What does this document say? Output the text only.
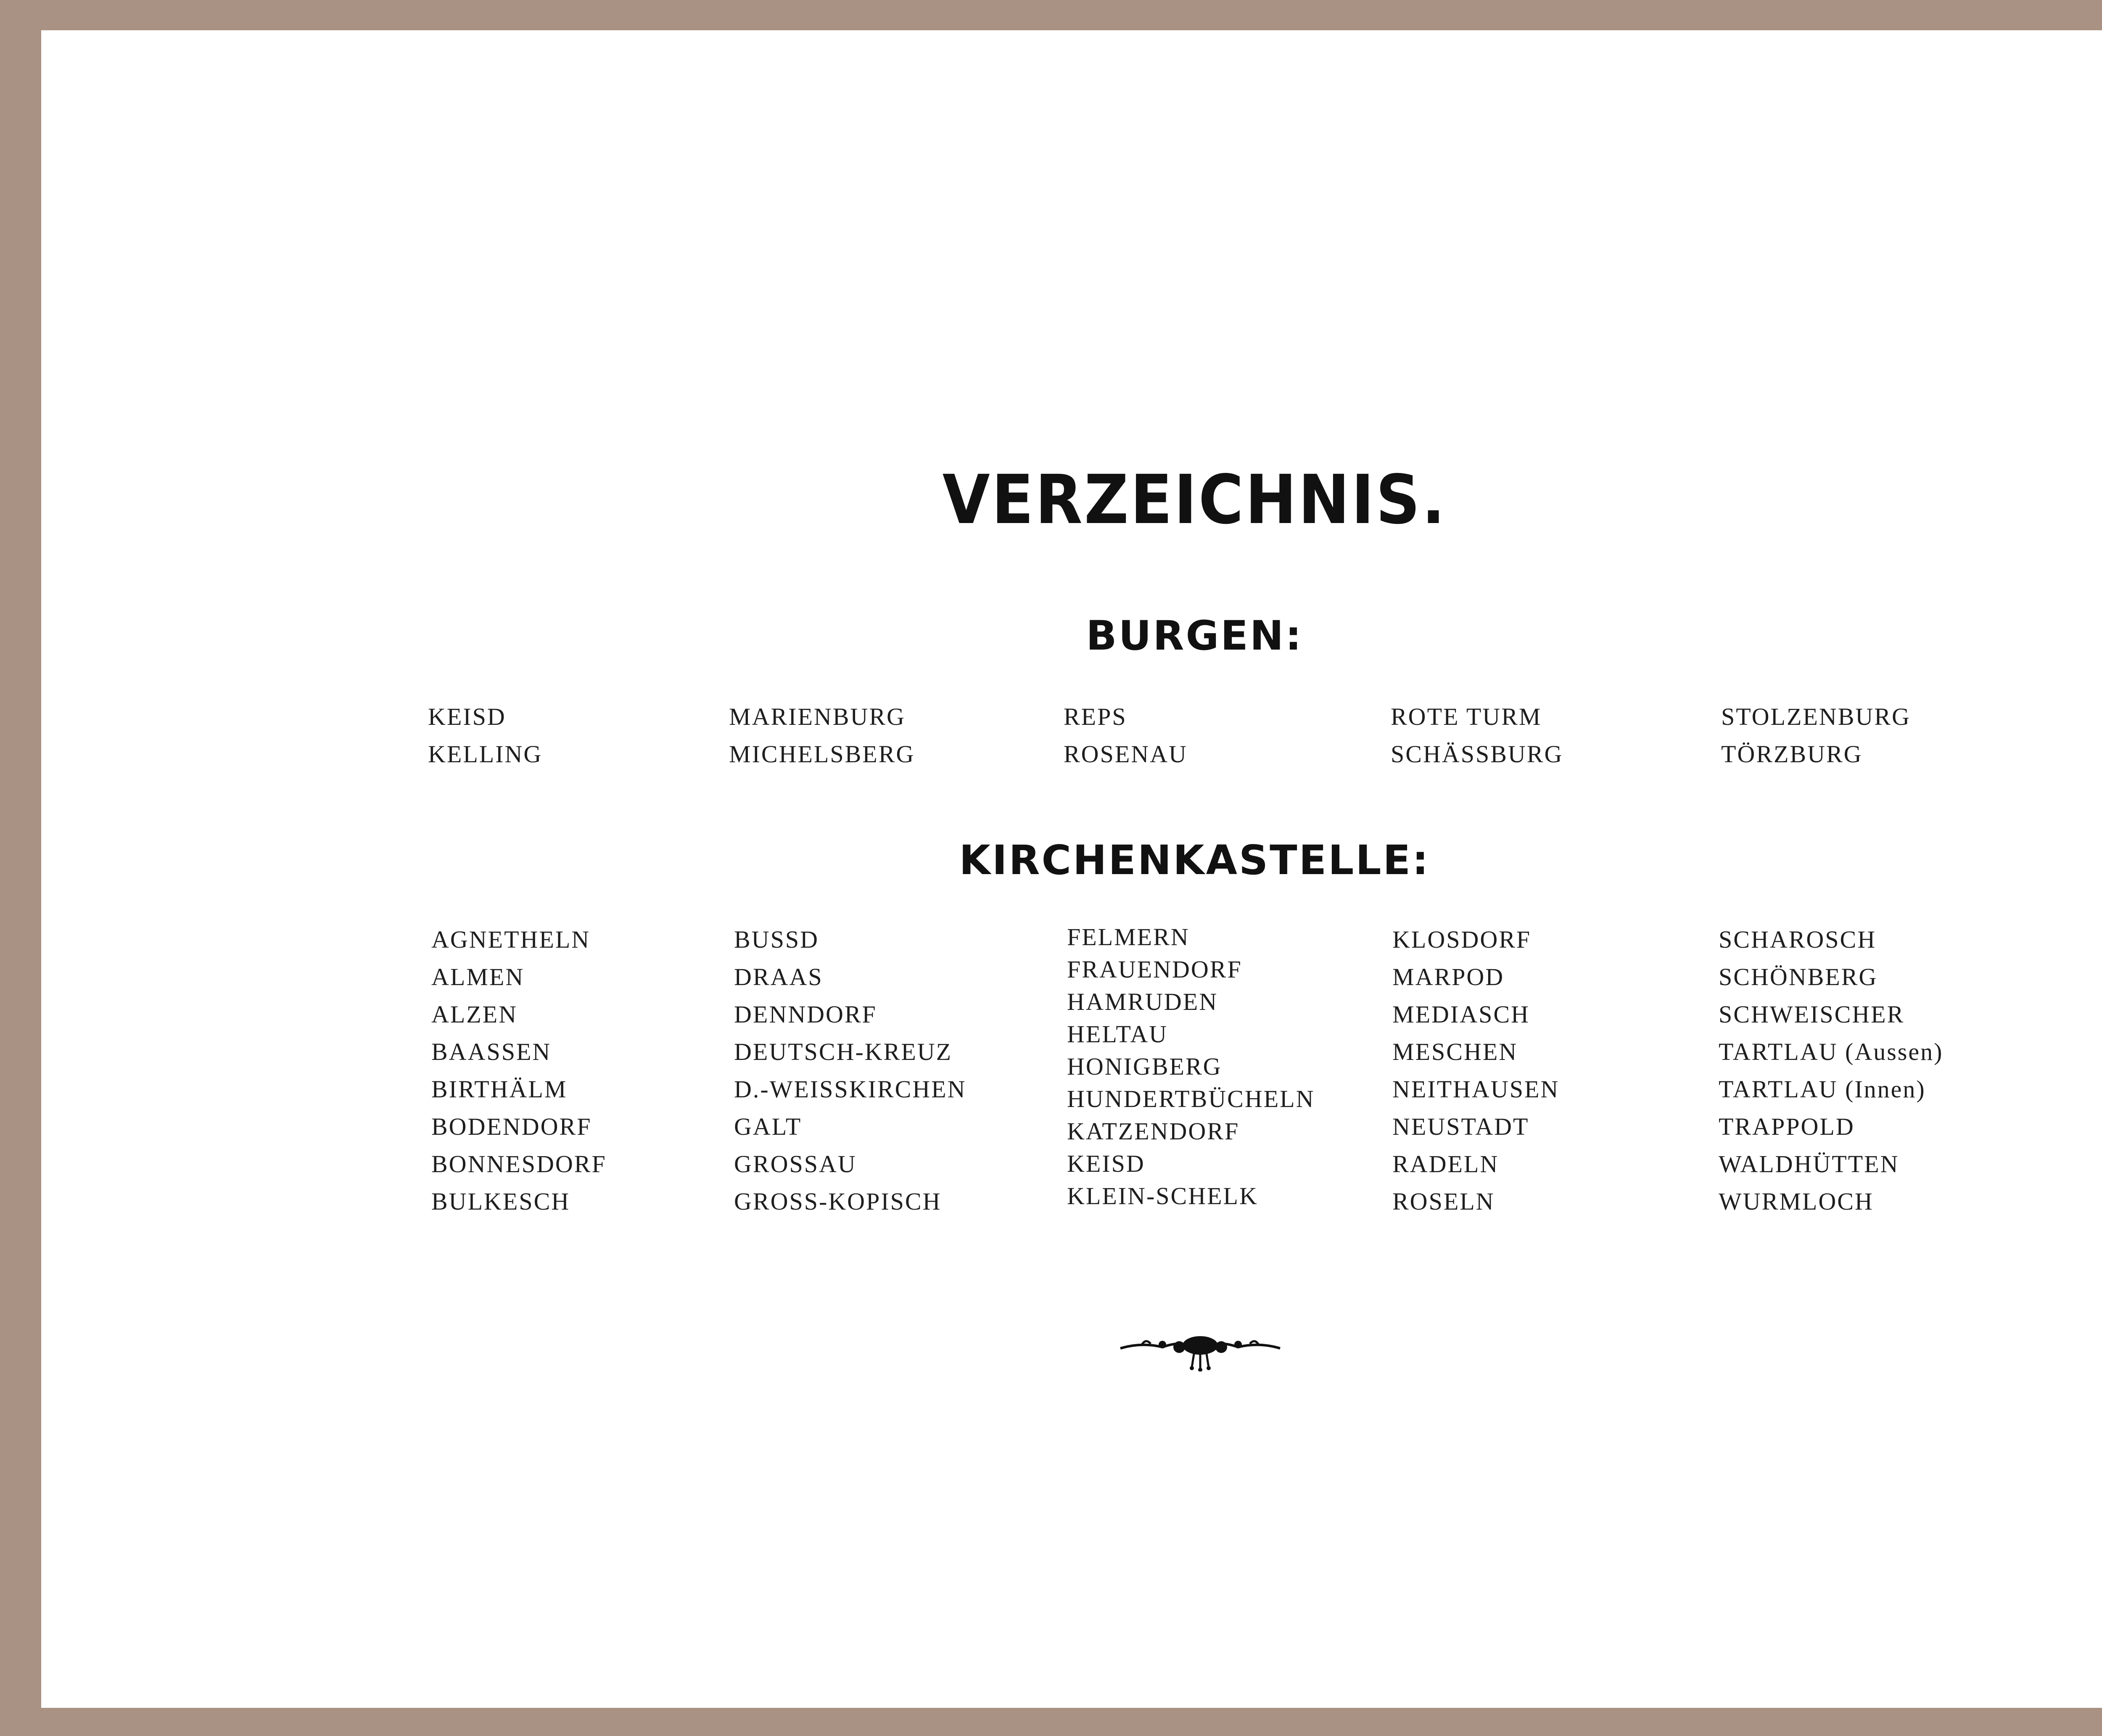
VERZEICHNIS.
BURGEN:
KEISD
KELLING
MARIENBURG
MICHELSBERG
REPS
ROSENAU
ROTE TURM
SCHÄSSBURG
STOLZENBURG
TÖRZBURG
KIRCHENKASTELLE:
AGNETHELN
ALMEN
ALZEN
BAASSEN
BIRTHÄLM
BODENDORF
BONNESDORF
BULKESCH
BUSSD
DRAAS
DENNDORF
DEUTSCH-KREUZ
D.-WEISSKIRCHEN
GALT
GROSSAU
GROSS-KOPISCH
FELMERN
FRAUENDORF
HAMRUDEN
HELTAU
HONIGBERG
HUNDERTBÜCHELN
KATZENDORF
KEISD
KLEIN-SCHELK
KLOSDORF
MARPOD
MEDIASCH
MESCHEN
NEITHAUSEN
NEUSTADT
RADELN
ROSELN
SCHAROSCH
SCHÖNBERG
SCHWEISCHER
TARTLAU (Aussen)
TARTLAU (Innen)
TRAPPOLD
WALDHÜTTEN
WURMLOCH
